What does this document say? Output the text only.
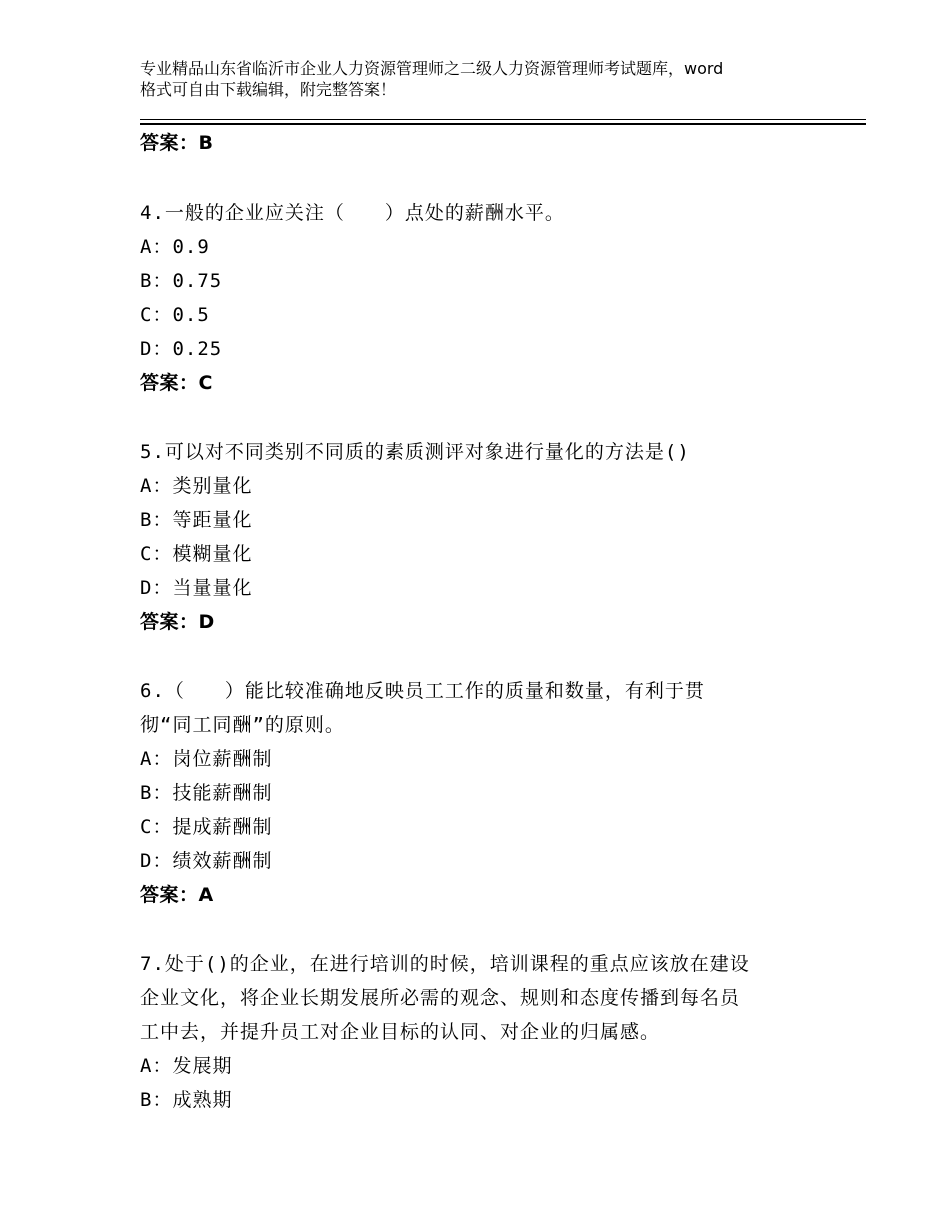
专业精品山东省临沂市企业人力资源管理师之二级人力资源管理师考试题库，word
格式可自由下载编辑，附完整答案！
答案：B
4.一般的企业应关注（　　）点处的薪酬水平。
A：0.9
B：0.75
C：0.5
D：0.25
答案：C
5.可以对不同类别不同质的素质测评对象进行量化的方法是()
A：类别量化
B：等距量化
C：模糊量化
D：当量量化
答案：D
6.（　　）能比较准确地反映员工工作的质量和数量，有利于贯
彻“同工同酬”的原则。
A：岗位薪酬制
B：技能薪酬制
C：提成薪酬制
D：绩效薪酬制
答案：A
7.处于()的企业，在进行培训的时候，培训课程的重点应该放在建设
企业文化，将企业长期发展所必需的观念、规则和态度传播到每名员
工中去，并提升员工对企业目标的认同、对企业的归属感。
A：发展期
B：成熟期
